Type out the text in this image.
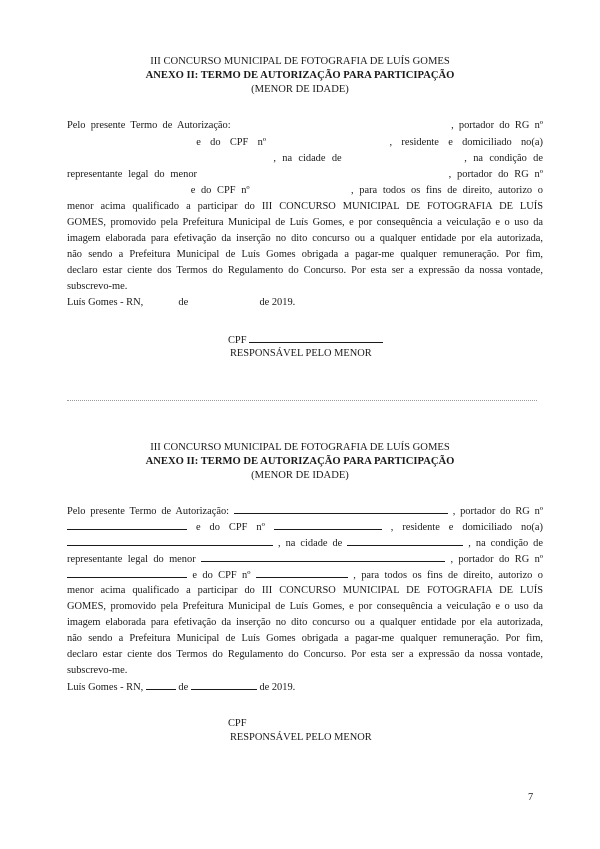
III CONCURSO MUNICIPAL DE FOTOGRAFIA DE LUÍS GOMES
ANEXO II: TERMO DE AUTORIZAÇÃO PARA PARTICIPAÇÃO
(MENOR DE IDADE)
Pelo presente Termo de Autorização:	, portador do RG nº
e do CPF nº	, residente e domiciliado no(a)
, na cidade de	, na condição de
representante legal do menor	, portador do RG nº
e do CPF nº	, para todos os fins de direito, autorizo o
menor acima qualificado a participar do III CONCURSO MUNICIPAL DE FOTOGRAFIA DE LUÍS
GOMES, promovido pela Prefeitura Municipal de Luís Gomes, e por consequência a veiculação e o uso da
imagem elaborada para efetivação da inserção no dito concurso ou a qualquer entidade por ela autorizada,
não sendo a Prefeitura Municipal de Luís Gomes obrigada a pagar-me qualquer remuneração. Por fim,
declaro estar ciente dos Termos do Regulamento do Concurso. Por esta ser a expressão da nossa vontade,
subscrevo-me.
Luís Gomes - RN,	de	de 2019.
CPF
RESPONSÁVEL PELO MENOR
III CONCURSO MUNICIPAL DE FOTOGRAFIA DE LUÍS GOMES
ANEXO II: TERMO DE AUTORIZAÇÃO PARA PARTICIPAÇÃO
(MENOR DE IDADE)
Pelo presente Termo de Autorização:	, portador do RG nº
e do CPF nº	, residente e domiciliado no(a)
, na cidade de	, na condição de
representante legal do menor	, portador do RG nº
e do CPF nº	, para todos os fins de direito, autorizo o
menor acima qualificado a participar do III CONCURSO MUNICIPAL DE FOTOGRAFIA DE LUÍS
GOMES, promovido pela Prefeitura Municipal de Luís Gomes, e por consequência a veiculação e o uso da
imagem elaborada para efetivação da inserção no dito concurso ou a qualquer entidade por ela autorizada,
não sendo a Prefeitura Municipal de Luís Gomes obrigada a pagar-me qualquer remuneração. Por fim,
declaro estar ciente dos Termos do Regulamento do Concurso. Por esta ser a expressão da nossa vontade,
subscrevo-me.
Luís Gomes - RN,	de	de 2019.
CPF
RESPONSÁVEL PELO MENOR
7
